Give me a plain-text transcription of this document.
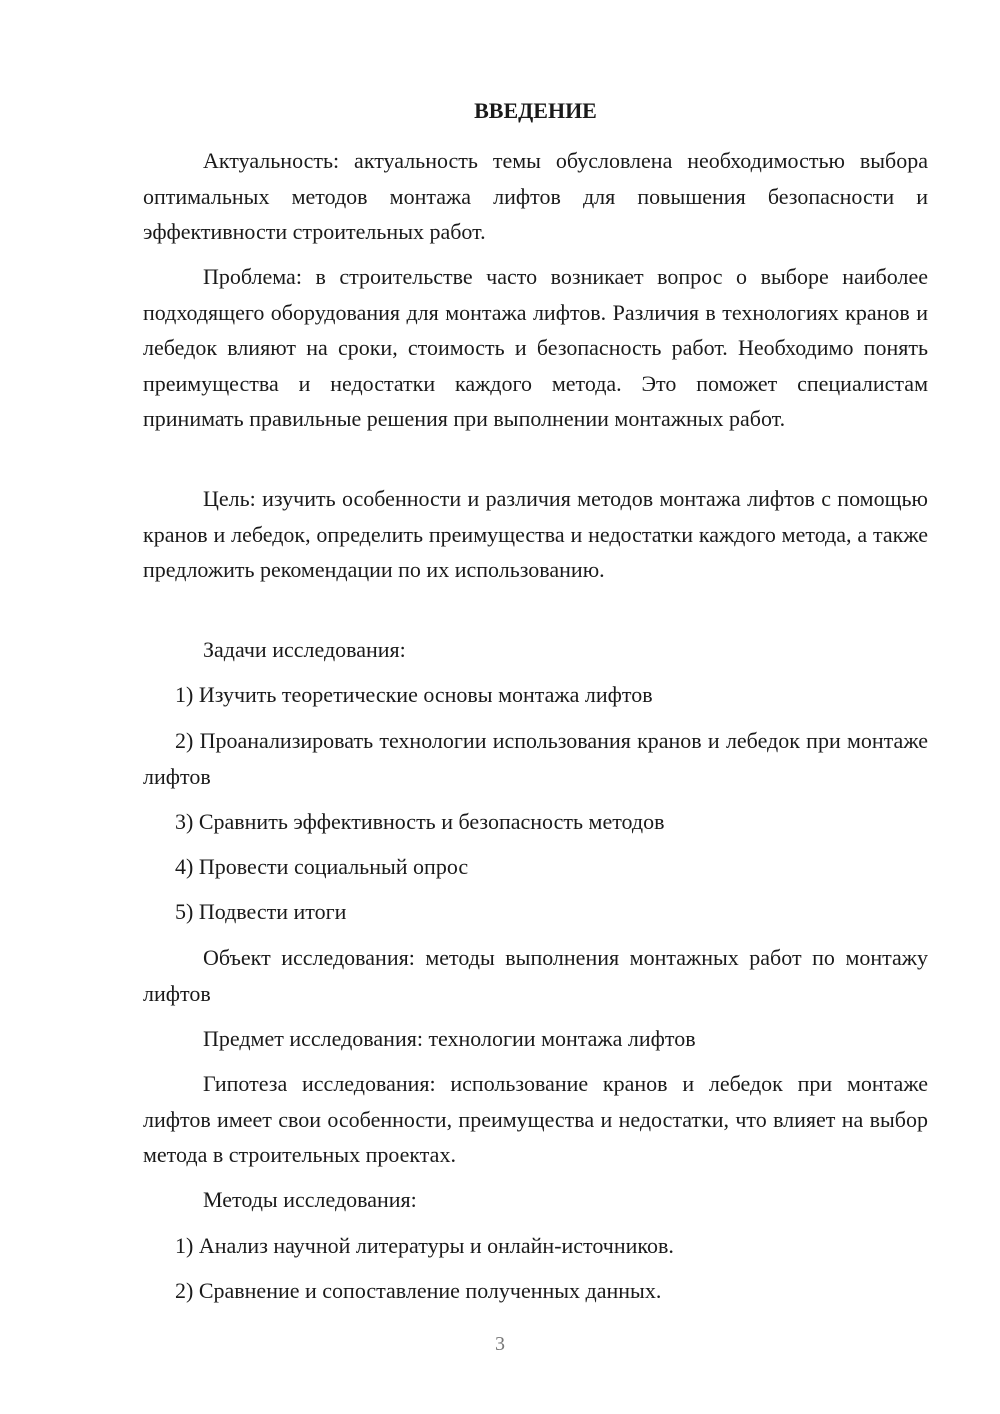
ВВЕДЕНИЕ

Актуальность: актуальность темы обусловлена необходимостью выбора оптимальных методов монтажа лифтов для повышения безопасности и эффективности строительных работ.

Проблема: в строительстве часто возникает вопрос о выборе наиболее подходящего оборудования для монтажа лифтов. Различия в технологиях кранов и лебедок влияют на сроки, стоимость и безопасность работ. Необходимо понять преимущества и недостатки каждого метода. Это поможет специалистам принимать правильные решения при выполнении монтажных работ.

Цель: изучить особенности и различия методов монтажа лифтов с помощью кранов и лебедок, определить преимущества и недостатки каждого метода, а также предложить рекомендации по их использованию.

Задачи исследования:

1) Изучить теоретические основы монтажа лифтов

2) Проанализировать технологии использования кранов и лебедок при монтаже лифтов

3) Сравнить эффективность и безопасность методов

4) Провести социальный опрос

5) Подвести итоги

Объект исследования: методы выполнения монтажных работ по монтажу лифтов

Предмет исследования: технологии монтажа лифтов

Гипотеза исследования: использование кранов и лебедок при монтаже лифтов имеет свои особенности, преимущества и недостатки, что влияет на выбор метода в строительных проектах.

Методы исследования:

1) Анализ научной литературы и онлайн-источников.

2) Сравнение и сопоставление полученных данных.

3
